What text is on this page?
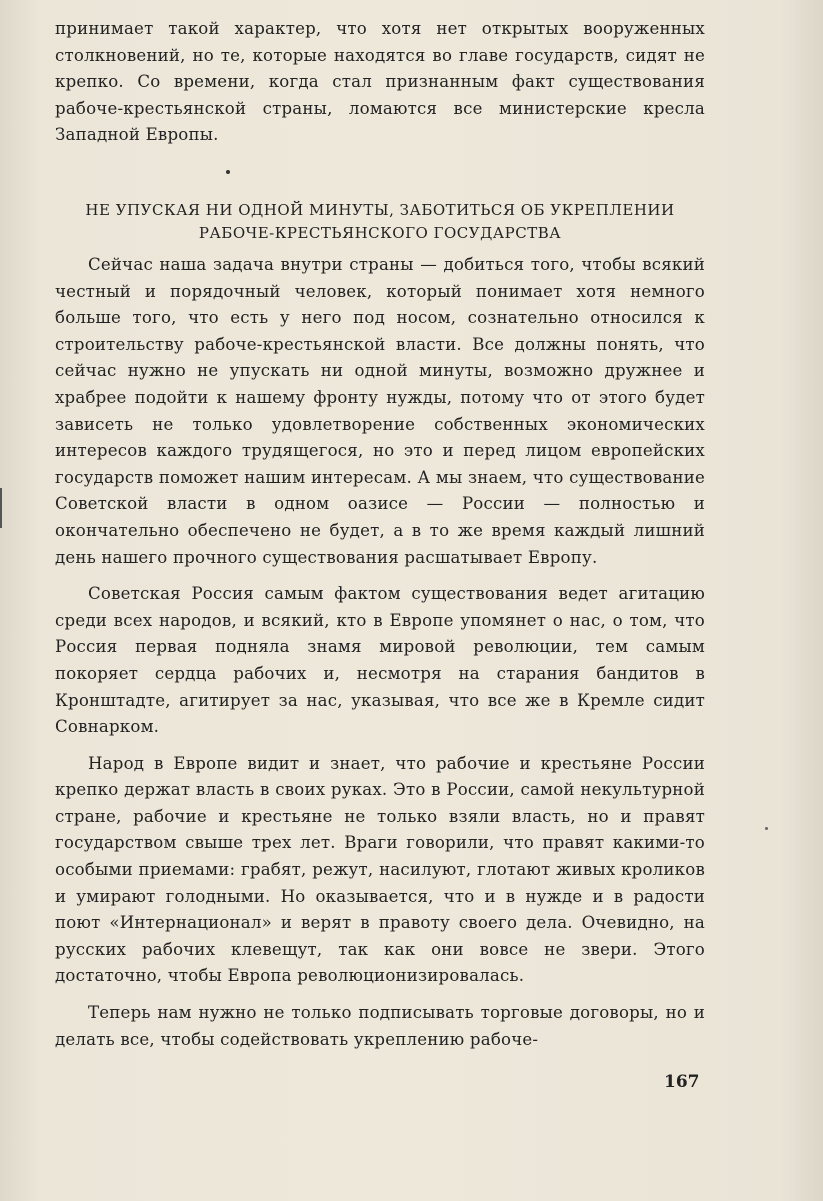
принимает такой характер, что хотя нет открытых вооруженных столкновений, но те, которые находятся во главе государств, сидят не крепко. Со времени, когда стал признанным факт существования рабоче-крестьянской страны, ломаются все министерские кресла Западной Европы.

НЕ УПУСКАЯ НИ ОДНОЙ МИНУТЫ, ЗАБОТИТЬСЯ ОБ УКРЕПЛЕНИИ
РАБОЧЕ-КРЕСТЬЯНСКОГО ГОСУДАРСТВА

Сейчас наша задача внутри страны — добиться того, чтобы всякий честный и порядочный человек, который понимает хотя немного больше того, что есть у него под носом, сознательно относился к строительству рабоче-крестьянской власти. Все должны понять, что сейчас нужно не упускать ни одной минуты, возможно дружнее и храбрее подойти к нашему фронту нужды, потому что от этого будет зависеть не только удовлетворение собственных экономических интересов каждого трудящегося, но это и перед лицом европейских государств поможет нашим интересам. А мы знаем, что существование Советской власти в одном оазисе — России — полностью и окончательно обеспечено не будет, а в то же время каждый лишний день нашего прочного существования расшатывает Европу.

Советская Россия самым фактом существования ведет агитацию среди всех народов, и всякий, кто в Европе упомянет о нас, о том, что Россия первая подняла знамя мировой революции, тем самым покоряет сердца рабочих и, несмотря на старания бандитов в Кронштадте, агитирует за нас, указывая, что все же в Кремле сидит Совнарком.

Народ в Европе видит и знает, что рабочие и крестьяне России крепко держат власть в своих руках. Это в России, самой некультурной стране, рабочие и крестьяне не только взяли власть, но и правят государством свыше трех лет. Враги говорили, что правят какими-то особыми приемами: грабят, режут, насилуют, глотают живых кроликов и умирают голодными. Но оказывается, что и в нужде и в радости поют «Интернационал» и верят в правоту своего дела. Очевидно, на русских рабочих клевещут, так как они вовсе не звери. Этого достаточно, чтобы Европа революционизировалась.

Теперь нам нужно не только подписывать торговые договоры, но и делать все, чтобы содействовать укреплению рабоче-

167
